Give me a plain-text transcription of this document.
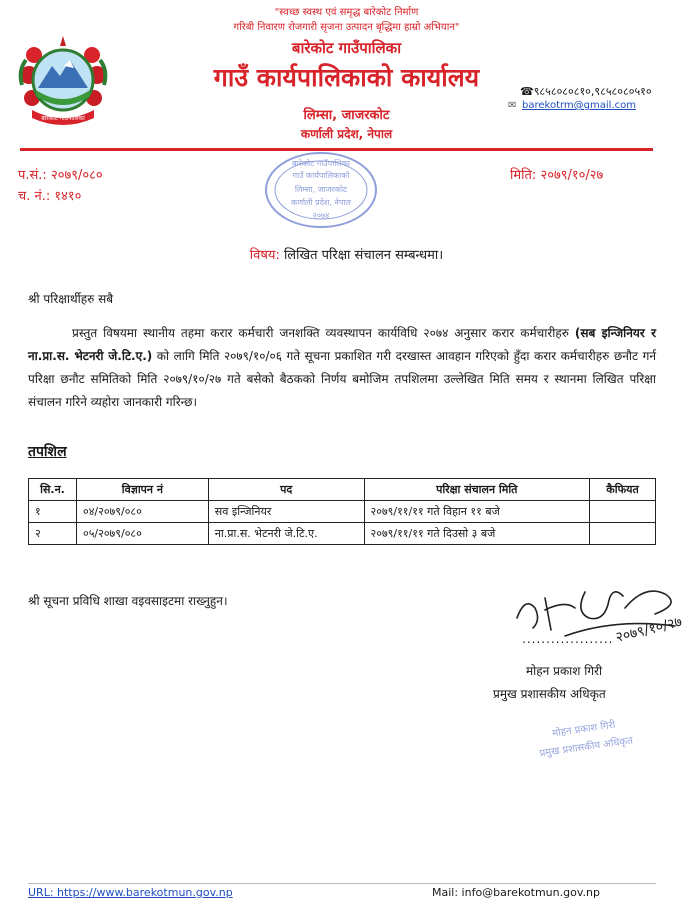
बारेकोट गाउँपालिका
"स्वच्छ स्वस्थ एवं समृद्ध बारेकोट निर्माण
गरिबी निवारण रोजगारी सृजना उत्पादन बृद्धिमा हाम्रो अभियान"
बारेकोट गाउँपालिका
गाउँ कार्यपालिकाको कार्यालय
लिम्सा, जाजरकोट
कर्णाली प्रदेश, नेपाल
☎९८५८०८०८१०,९८५८०८०५१०
✉ barekotrm@gmail.com
प.सं.: २०७९/०८०
च. नं.: १४१०
मिति: २०७९/१०/२७
बारेकोट गाउँपालिका
गाउँ कार्यपालिकाको
लिम्सा, जाजरकोट
कर्णाली प्रदेश, नेपाल
२०७४
विषय: लिखित परिक्षा संचालन सम्बन्धमा।
श्री परिक्षार्थीहरु सबै
प्रस्तुत विषयमा स्थानीय तहमा करार कर्मचारी जनशक्ति व्यवस्थापन कार्यविधि २०७४ अनुसार करार कर्मचारीहरु (सब इन्जिनियर र ना.प्रा.स. भेटनरी जे.टि.ए.) को लागि मिति २०७९/१०/०६ गते सूचना प्रकाशित गरी दरखास्त आवहान गरिएको हुँदा करार कर्मचारीहरु छनौट गर्न परिक्षा छनौट समितिको मिति २०७९/१०/२७ गते बसेको बैठकको निर्णय बमोजिम तपशिलमा उल्लेखित मिति समय र स्थानमा लिखित परिक्षा संचालन गरिने व्यहोरा जानकारी गरिन्छ।
तपशिल
सि.न.	विज्ञापन नं	पद	परिक्षा संचालन मिति	कैफियत
१	०४/२०७९/०८०	सव इन्जिनियर	२०७९/११/११ गते विहान ११ बजे	
२	०५/२०७९/०८०	ना.प्रा.स. भेटनरी जे.टि.ए.	२०७९/११/११ गते दिउसो ३ बजे	
श्री सूचना प्रविधि शाखा वइवसाइटमा राख्नुहुन।
२०७९/१०/२७
...................
मोहन प्रकाश गिरी
प्रमुख प्रशासकीय अधिकृत
मोहन प्रकाश गिरी
प्रमुख प्रशासकीय अधिकृत
URL: https://www.barekotmun.gov.np	Mail: info@barekotmun.gov.np
